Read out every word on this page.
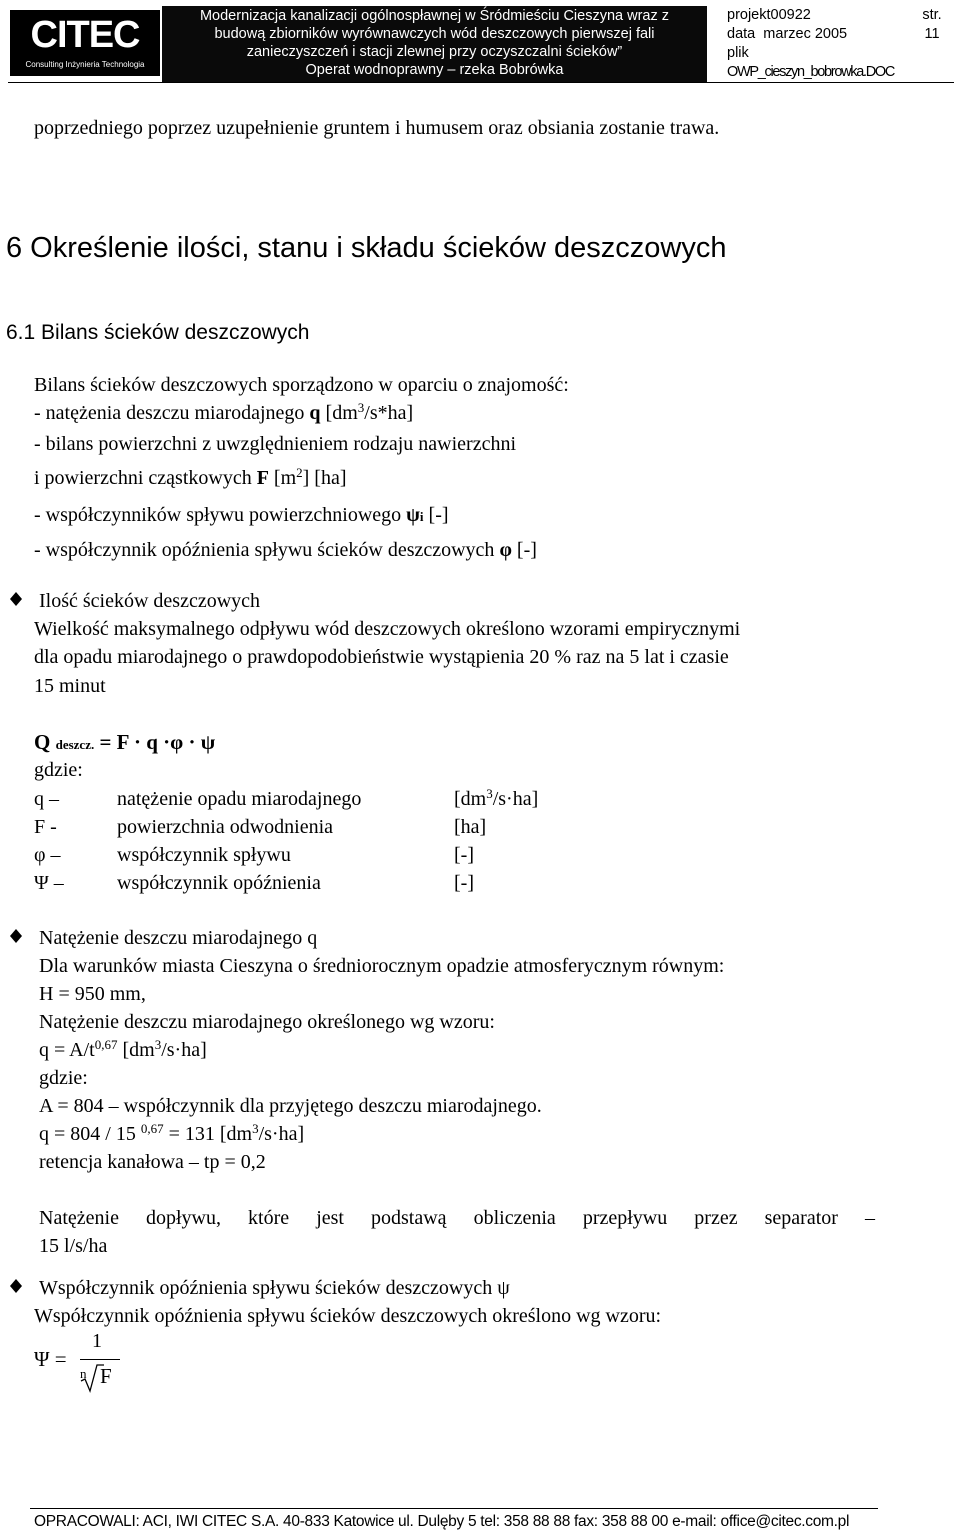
CITEC
Consulting Inżynieria Technologia
Modernizacja kanalizacji ogólnospławnej w Śródmieściu Cieszyna wraz z
budową zbiorników wyrównawczych wód deszczowych pierwszej fali
zanieczyszczeń i stacji zlewnej przy oczyszczalni ścieków”
Operat wodnoprawny – rzeka Bobrówka
projekt00922
data marzec 2005
plik
OWP_cieszyn_bobrowka.DOC
str.
11
poprzedniego poprzez uzupełnienie gruntem i humusem oraz obsiania zostanie trawa.
6 Określenie ilości, stanu i składu ścieków deszczowych
6.1 Bilans ścieków deszczowych
Bilans ścieków deszczowych sporządzono w oparciu o znajomość:
- natężenia deszczu miarodajnego q $[dm^3/s*ha]$
- bilans powierzchni z uwzględnieniem rodzaju nawierzchni
i powierzchni cząstkowych F $[m^2]$ [ha]
- współczynników spływu powierzchniowego ψi [-]
- współczynnik opóźnienia spływu ścieków deszczowych φ [-]
Ilość ścieków deszczowych
Wielkość maksymalnego odpływu wód deszczowych określono wzorami empirycznymi
dla opadu miarodajnego o prawdopodobieństwie wystąpienia 20 % raz na 5 lat i czasie
15 minut
Q deszcz. = F · q ·φ · ψ
gdzie:
q –	natężenie opadu miarodajnego	$[dm^3/s\cdot ha]$
F -	powierzchnia odwodnienia	[ha]
φ –	współczynnik spływu	[-]
Ψ –	współczynnik opóźnienia	[-]
Natężenie deszczu miarodajnego q
Dla warunków miasta Cieszyna o średniorocznym opadzie atmosferycznym równym:
H = 950 mm,
Natężenie deszczu miarodajnego określonego wg wzoru:
$q = A/t^{0,67}$ $[dm^3/s\cdot ha]$
gdzie:
A = 804 – współczynnik dla przyjętego deszczu miarodajnego.
q = 804 / 15 $^{0,67}$ = 131 $[dm^3/s\cdot ha]$
retencja kanałowa – tp = 0,2
Natężenie dopływu, które jest podstawą obliczenia przepływu przez separator –
15 l/s/ha
Współczynnik opóźnienia spływu ścieków deszczowych ψ
Współczynnik opóźnienia spływu ścieków deszczowych określono wg wzoru:
Ψ =
1
n F
OPRACOWALI: ACI, IWI CITEC S.A. 40-833 Katowice ul. Dulęby 5 tel: 358 88 88 fax: 358 88 00 e-mail: office@citec.com.pl
